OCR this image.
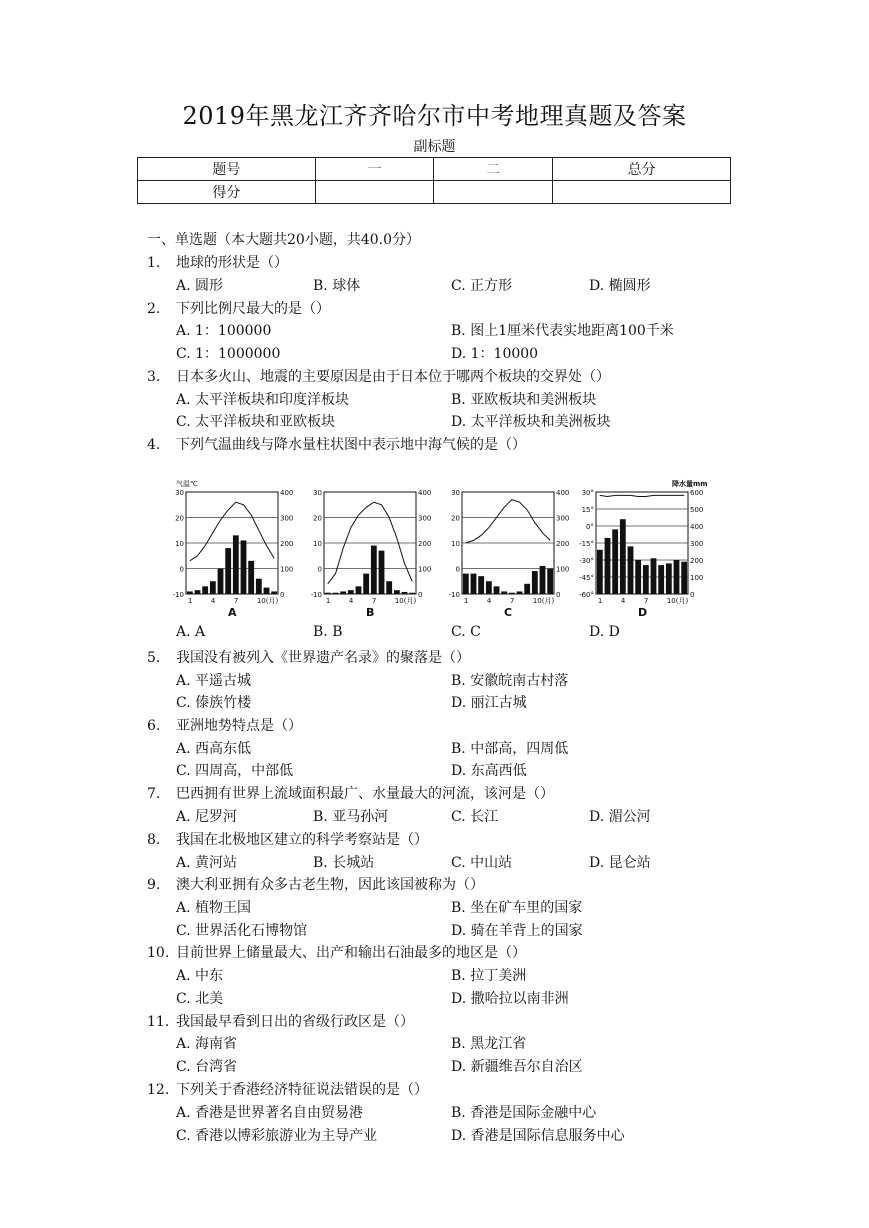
2019年黑龙江齐齐哈尔市中考地理真题及答案
副标题
题号	一	二	总分
得分			
一、单选题（本大题共20小题，共40.0分）
1. 地球的形状是（）
A. 圆形	B. 球体	C. 正方形	D. 椭圆形
2. 下列比例尺最大的是（）
A. 1：100000	B. 图上1厘米代表实地距离100千米
C. 1：1000000	D. 1：10000
3. 日本多火山、地震的主要原因是由于日本位于哪两个板块的交界处（）
A. 太平洋板块和印度洋板块	B. 亚欧板块和美洲板块
C. 太平洋板块和亚欧板块	D. 太平洋板块和美洲板块
4. 下列气温曲线与降水量柱状图中表示地中海气候的是（）
30
20
10
0
-10
400
300
200
100
0
气温℃
1	4	7	10(月)
A
30
20
10
0
-10
400
300
200
100
0
1	4	7	10(月)
B
30
20
10
0
-10
400
300
200
100
0
1	4	7	10(月)
C
30°
15°
0°
-15°
-30°
-45°
-60°
600
500
400
300
200
100
0
降水量mm
1	4	7	10(月)
D
A. A	B. B	C. C	D. D
5. 我国没有被列入《世界遗产名录》的聚落是（）
A. 平遥古城	B. 安徽皖南古村落
C. 傣族竹楼	D. 丽江古城
6. 亚洲地势特点是（）
A. 西高东低	B. 中部高，四周低
C. 四周高，中部低	D. 东高西低
7. 巴西拥有世界上流域面积最广、水量最大的河流，该河是（）
A. 尼罗河	B. 亚马孙河	C. 长江	D. 湄公河
8. 我国在北极地区建立的科学考察站是（）
A. 黄河站	B. 长城站	C. 中山站	D. 昆仑站
9. 澳大利亚拥有众多古老生物，因此该国被称为（）
A. 植物王国	B. 坐在矿车里的国家
C. 世界活化石博物馆	D. 骑在羊背上的国家
10. 目前世界上储量最大、出产和输出石油最多的地区是（）
A. 中东	B. 拉丁美洲
C. 北美	D. 撒哈拉以南非洲
11. 我国最早看到日出的省级行政区是（）
A. 海南省	B. 黑龙江省
C. 台湾省	D. 新疆维吾尔自治区
12. 下列关于香港经济特征说法错误的是（）
A. 香港是世界著名自由贸易港	B. 香港是国际金融中心
C. 香港以博彩旅游业为主导产业	D. 香港是国际信息服务中心
